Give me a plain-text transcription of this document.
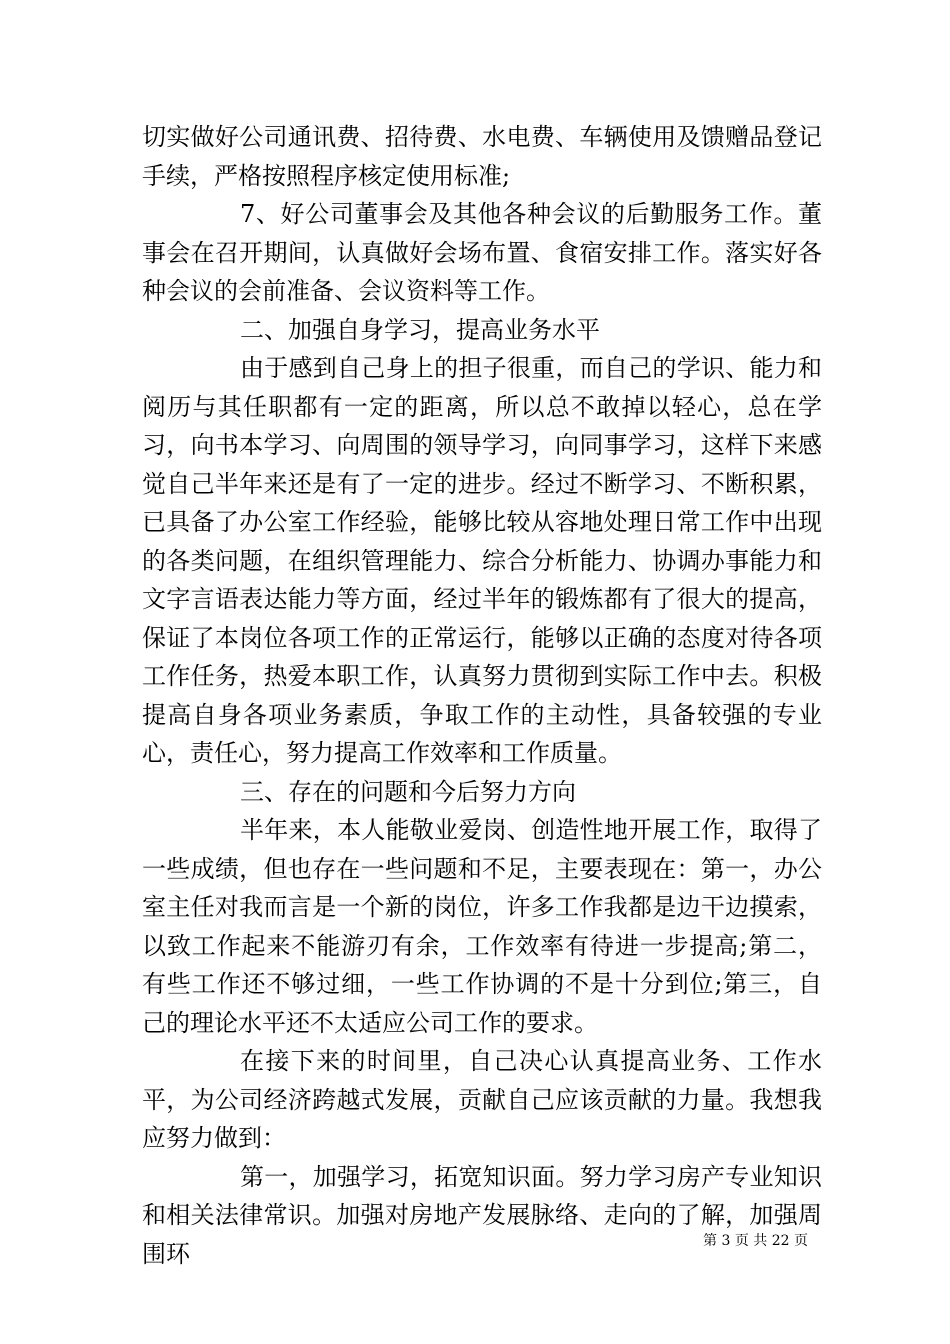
切实做好公司通讯费、招待费、水电费、车辆使用及馈赠品登记手续，严格按照程序核定使用标准;

7、好公司董事会及其他各种会议的后勤服务工作。董事会在召开期间，认真做好会场布置、食宿安排工作。落实好各种会议的会前准备、会议资料等工作。

二、加强自身学习，提高业务水平

由于感到自己身上的担子很重，而自己的学识、能力和阅历与其任职都有一定的距离，所以总不敢掉以轻心，总在学习，向书本学习、向周围的领导学习，向同事学习，这样下来感觉自己半年来还是有了一定的进步。经过不断学习、不断积累，已具备了办公室工作经验，能够比较从容地处理日常工作中出现的各类问题，在组织管理能力、综合分析能力、协调办事能力和文字言语表达能力等方面，经过半年的锻炼都有了很大的提高，保证了本岗位各项工作的正常运行，能够以正确的态度对待各项工作任务，热爱本职工作，认真努力贯彻到实际工作中去。积极提高自身各项业务素质，争取工作的主动性，具备较强的专业心，责任心，努力提高工作效率和工作质量。

三、存在的问题和今后努力方向

半年来，本人能敬业爱岗、创造性地开展工作，取得了一些成绩，但也存在一些问题和不足，主要表现在：第一，办公室主任对我而言是一个新的岗位，许多工作我都是边干边摸索，以致工作起来不能游刃有余，工作效率有待进一步提高;第二，有些工作还不够过细，一些工作协调的不是十分到位;第三，自己的理论水平还不太适应公司工作的要求。

在接下来的时间里，自己决心认真提高业务、工作水平，为公司经济跨越式发展，贡献自己应该贡献的力量。我想我应努力做到：

第一，加强学习，拓宽知识面。努力学习房产专业知识和相关法律常识。加强对房地产发展脉络、走向的了解，加强周围环	第 3 页 共 22 页
